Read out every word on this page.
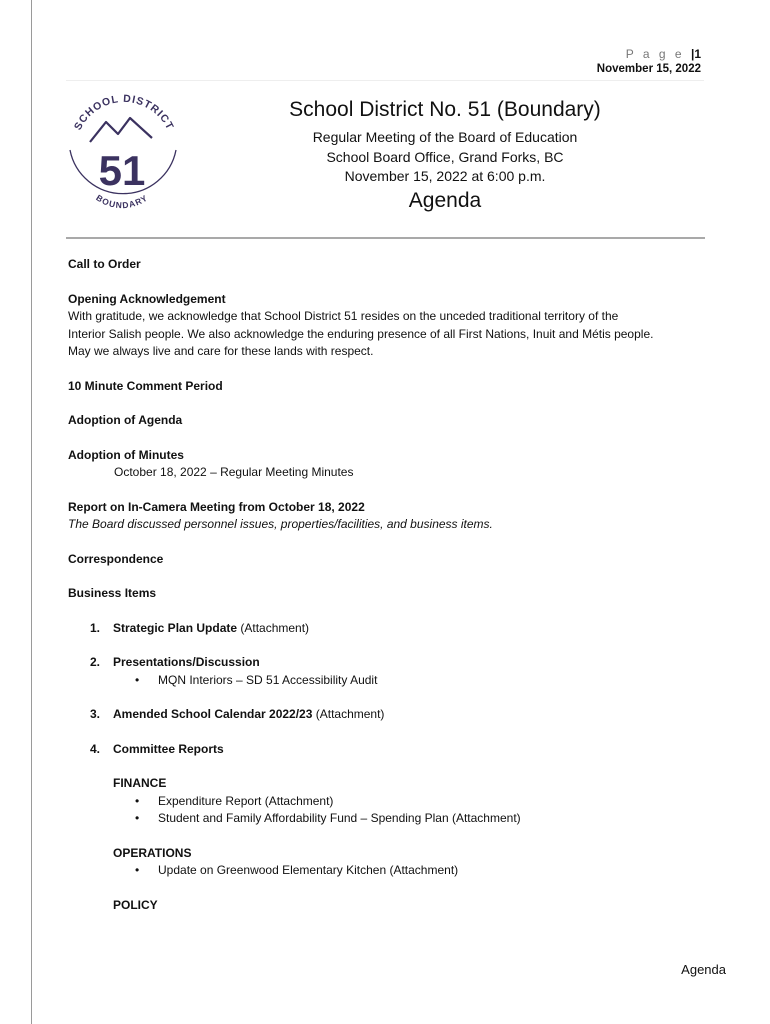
P a g e |1
November 15, 2022
SCHOOL DISTRICT
51
BOUNDARY
School District No. 51 (Boundary)
Regular Meeting of the Board of Education
School Board Office, Grand Forks, BC
November 15, 2022 at 6:00 p.m.
Agenda
Call to Order
Opening Acknowledgement
With gratitude, we acknowledge that School District 51 resides on the unceded traditional territory of the
Interior Salish people. We also acknowledge the enduring presence of all First Nations, Inuit and Métis people.
May we always live and care for these lands with respect.
10 Minute Comment Period
Adoption of Agenda
Adoption of Minutes
October 18, 2022 – Regular Meeting Minutes
Report on In-Camera Meeting from October 18, 2022
The Board discussed personnel issues, properties/facilities, and business items.
Correspondence
Business Items
1. Strategic Plan Update (Attachment)
2. Presentations/Discussion
• MQN Interiors – SD 51 Accessibility Audit
3. Amended School Calendar 2022/23 (Attachment)
4. Committee Reports
FINANCE
• Expenditure Report (Attachment)
• Student and Family Affordability Fund – Spending Plan (Attachment)
OPERATIONS
• Update on Greenwood Elementary Kitchen (Attachment)
POLICY
Agenda
